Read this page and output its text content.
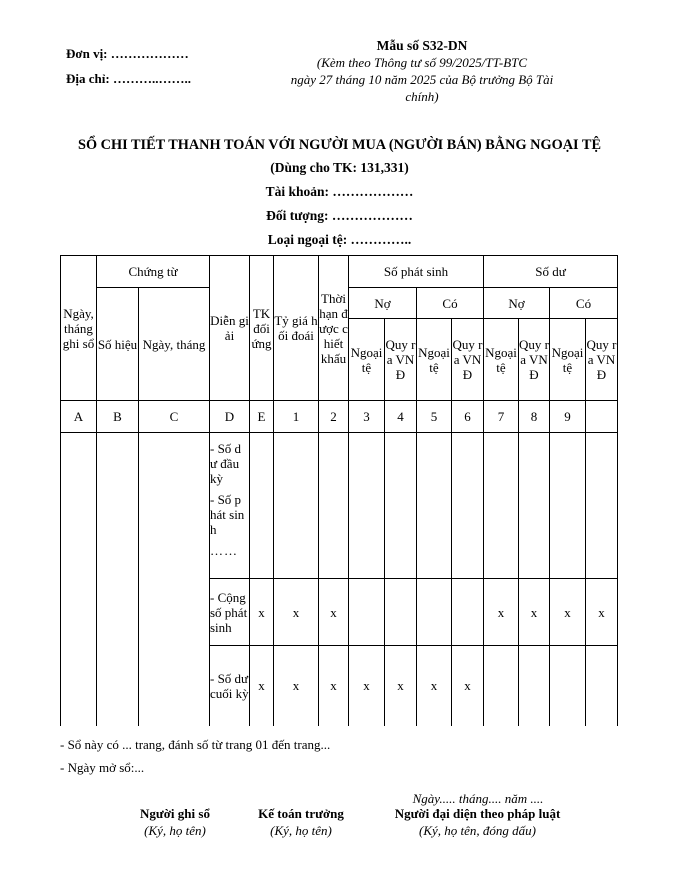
Đơn vị: ………………
Địa chỉ: ………..……..
Mẫu số S32-DN
(Kèm theo Thông tư số 99/2025/TT-BTC
ngày 27 tháng 10 năm 2025 của Bộ trưởng Bộ Tài
chính)
SỔ CHI TIẾT THANH TOÁN VỚI NGƯỜI MUA (NGƯỜI BÁN) BẰNG NGOẠI TỆ
(Dùng cho TK: 131,331)
Tài khoản: ………………
Đối tượng: ………………
Loại ngoại tệ: …………..
Ngày, tháng ghi sổ	Chứng từ		Diễn giải	TK đối ứng	Tỷ giá hối đoái	Thời hạn được chiết khấu	Số phát sinh				Số dư			
	Số hiệu	Ngày, tháng					Nợ		Có		Nợ		Có	
							Ngoại tệ	Quy ra VNĐ	Ngoại tệ	Quy ra VNĐ	Ngoại tệ	Quy ra VNĐ	Ngoại tệ	Quy ra VNĐ
A	B	C	D	E	1	2	3	4	5	6	7	8	9	

			- Số dư đầu kỳ
- Số phát sinh
……											

			- Cộng số phát sinh	x	x	x					x	x	x	x
			- Số dư cuối kỳ	x	x	x	x	x	x	x				
- Sổ này có ... trang, đánh số từ trang 01 đến trang...
- Ngày mở sổ:...
Ngày..... tháng.... năm ....
Người ghi sổ
(Ký, họ tên)
Kế toán trưởng
(Ký, họ tên)
Người đại diện theo pháp luật
(Ký, họ tên, đóng dấu)
